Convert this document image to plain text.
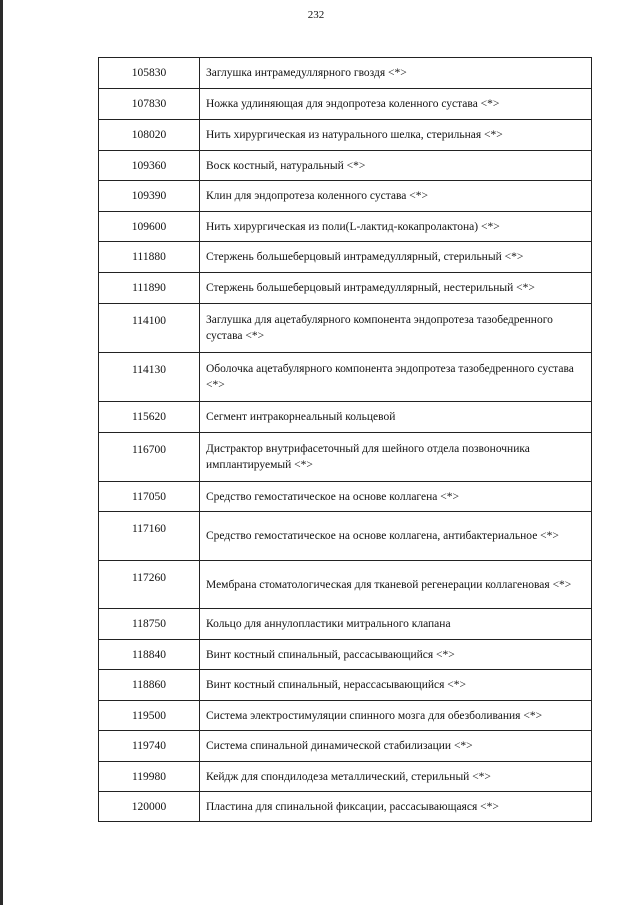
232
105830	Заглушка интрамедуллярного гвоздя <*>
107830	Ножка удлиняющая для эндопротеза коленного сустава <*>
108020	Нить хирургическая из натурального шелка, стерильная <*>
109360	Воск костный, натуральный <*>
109390	Клин для эндопротеза коленного сустава <*>
109600	Нить хирургическая из поли(L-лактид-кокапролактона) <*>
111880	Стержень большеберцовый интрамедуллярный, стерильный <*>
111890	Стержень большеберцовый интрамедуллярный, нестерильный <*>
114100	Заглушка для ацетабулярного компонента эндопротеза тазобедренного сустава <*>
114130	Оболочка ацетабулярного компонента эндопротеза тазобедренного сустава <*>
115620	Сегмент интракорнеальный кольцевой
116700	Дистрактор внутрифасеточный для шейного отдела позвоночника имплантируемый <*>
117050	Средство гемостатическое на основе коллагена <*>
117160	Средство гемостатическое на основе коллагена, антибактериальное <*>
117260	Мембрана стоматологическая для тканевой регенерации коллагеновая <*>
118750	Кольцо для аннулопластики митрального клапана
118840	Винт костный спинальный, рассасывающийся <*>
118860	Винт костный спинальный, нерассасывающийся <*>
119500	Система электростимуляции спинного мозга для обезболивания <*>
119740	Система спинальной динамической стабилизации <*>
119980	Кейдж для спондилодеза металлический, стерильный <*>
120000	Пластина для спинальной фиксации, рассасывающаяся <*>
